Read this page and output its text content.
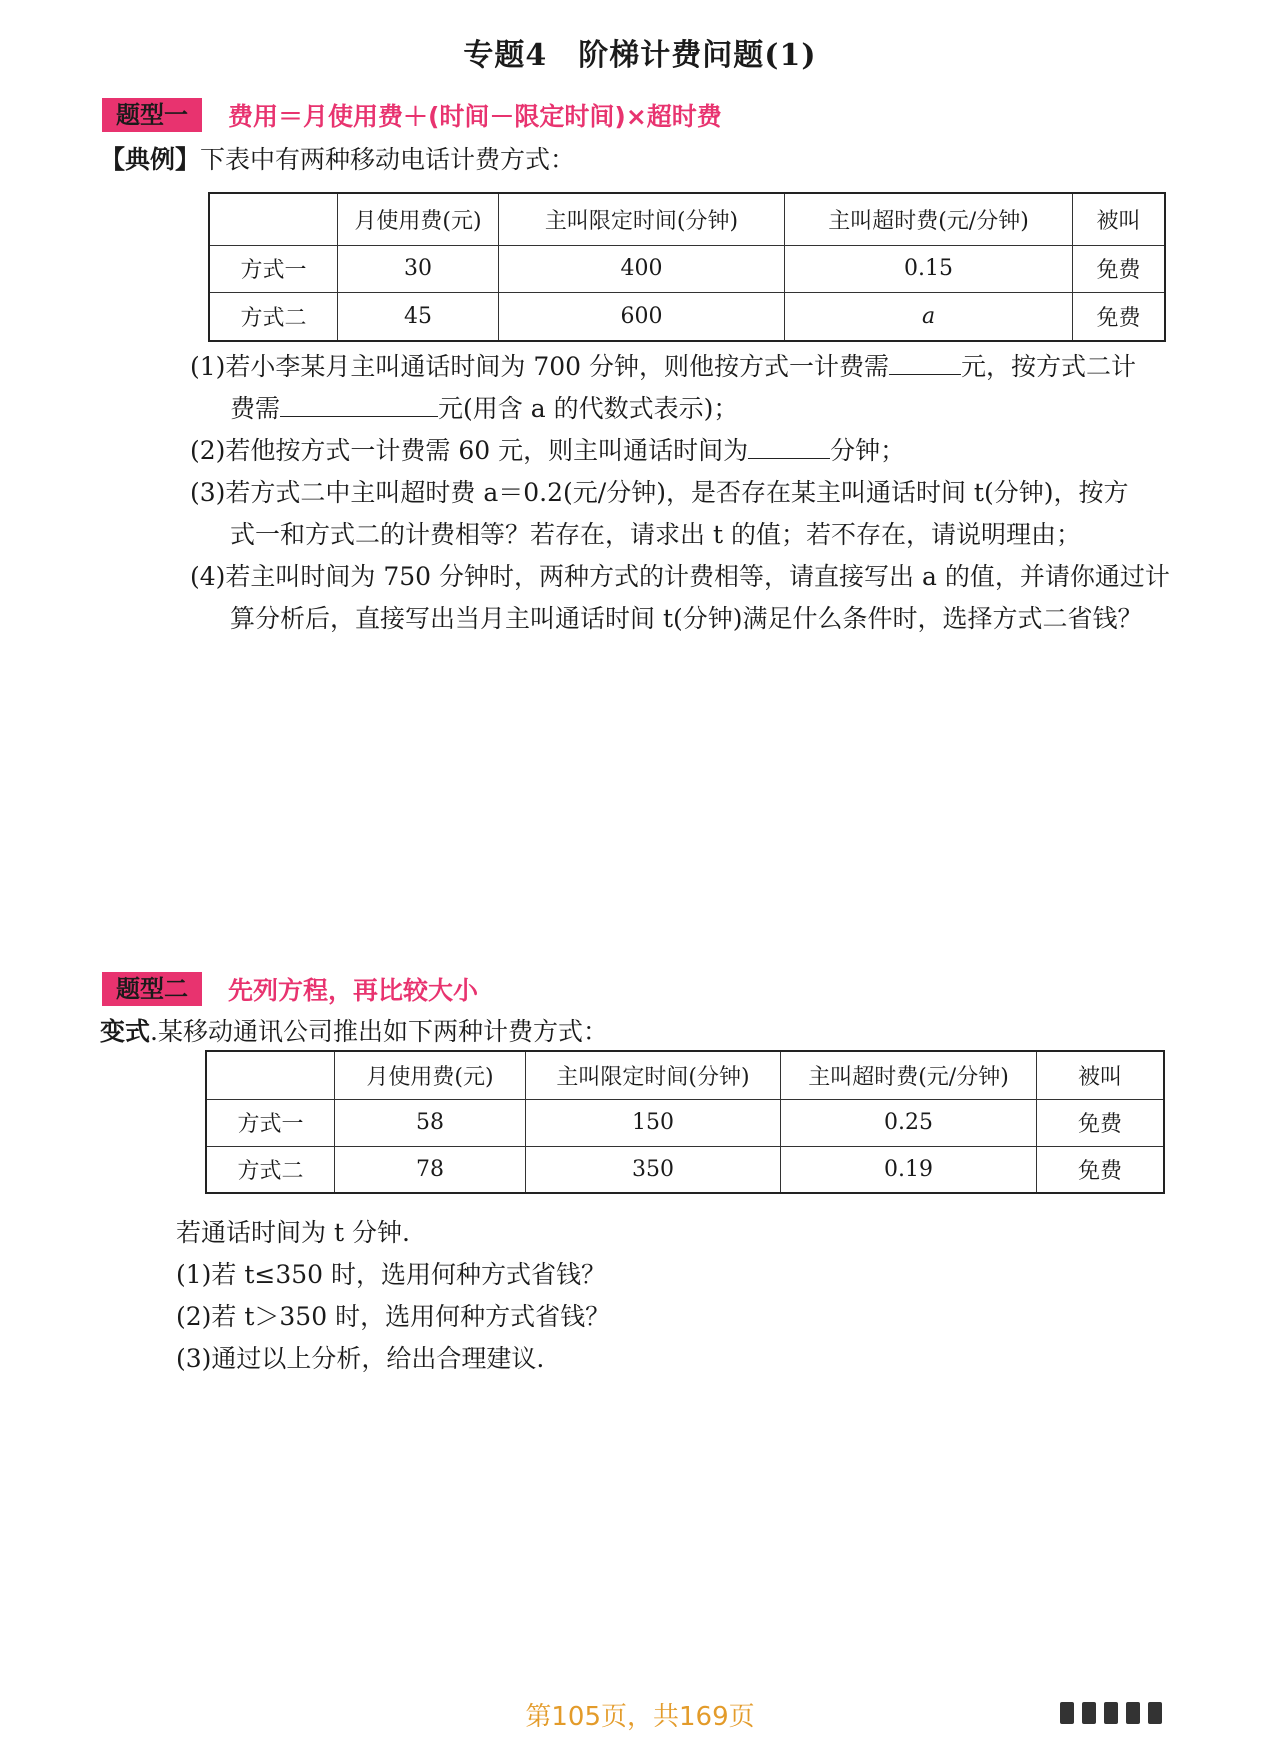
专题4　阶梯计费问题(1)
题型一	费用＝月使用费＋(时间－限定时间)×超时费
【典例】下表中有两种移动电话计费方式：
	月使用费(元)	主叫限定时间(分钟)	主叫超时费(元/分钟)	被叫
方式一	30	400	0.15	免费
方式二	45	600	a	免费
(1)若小李某月主叫通话时间为 700 分钟，则他按方式一计费需	元，按方式二计
费需	元(用含 a 的代数式表示)；
(2)若他按方式一计费需 60 元，则主叫通话时间为	分钟；
(3)若方式二中主叫超时费 a＝0.2(元/分钟)，是否存在某主叫通话时间 t(分钟)，按方
式一和方式二的计费相等？若存在，请求出 t 的值；若不存在，请说明理由；
(4)若主叫时间为 750 分钟时，两种方式的计费相等，请直接写出 a 的值，并请你通过计
算分析后，直接写出当月主叫通话时间 t(分钟)满足什么条件时，选择方式二省钱？
题型二	先列方程，再比较大小
变式.某移动通讯公司推出如下两种计费方式：
	月使用费(元)	主叫限定时间(分钟)	主叫超时费(元/分钟)	被叫
方式一	58	150	0.25	免费
方式二	78	350	0.19	免费
若通话时间为 t 分钟.
(1)若 t≤350 时，选用何种方式省钱？
(2)若 t＞350 时，选用何种方式省钱？
(3)通过以上分析，给出合理建议.
第105页，共169页
